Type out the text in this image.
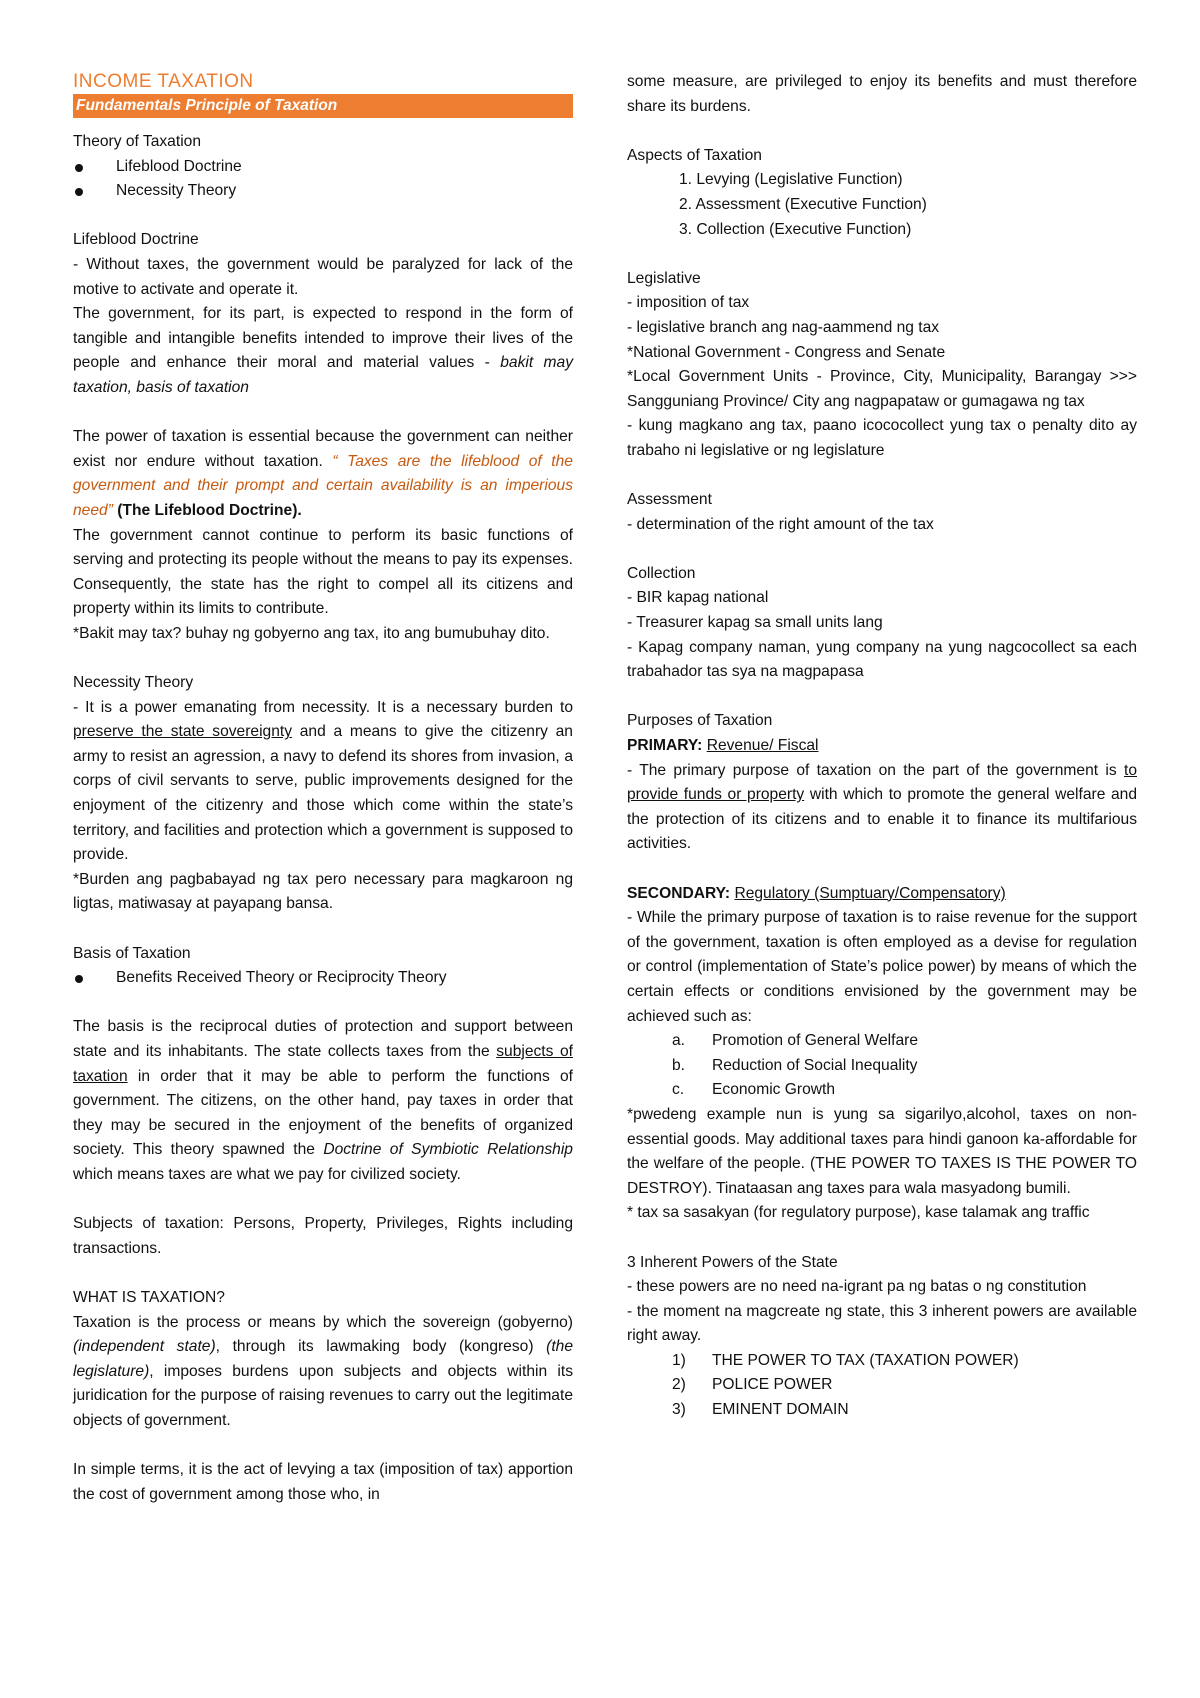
INCOME TAXATION
Fundamentals Principle of Taxation

Theory of Taxation

Lifeblood Doctrine

Necessity Theory

Lifeblood Doctrine

- Without taxes, the government would be paralyzed for lack of the motive to activate and operate it.

The government, for its part, is expected to respond in the form of tangible and intangible benefits intended to improve their lives of the people and enhance their moral and material values - bakit may taxation, basis of taxation

The power of taxation is essential because the government can neither exist nor endure without taxation. “ Taxes are the lifeblood of the government and their prompt and certain availability is an imperious need” (The Lifeblood Doctrine).

The government cannot continue to perform its basic functions of serving and protecting its people without the means to pay its expenses. Consequently, the state has the right to compel all its citizens and property within its limits to contribute.

*Bakit may tax? buhay ng gobyerno ang tax, ito ang bumubuhay dito.

Necessity Theory

- It is a power emanating from necessity. It is a necessary burden to preserve the state sovereignty and a means to give the citizenry an army to resist an agression, a navy to defend its shores from invasion, a corps of civil servants to serve, public improvements designed for the enjoyment of the citizenry and those which come within the state’s territory, and facilities and protection which a government is supposed to provide.

*Burden ang pagbabayad ng tax pero necessary para magkaroon ng ligtas, matiwasay at payapang bansa.

Basis of Taxation

Benefits Received Theory or Reciprocity Theory

The basis is the reciprocal duties of protection and support between state and its inhabitants. The state collects taxes from the subjects of taxation in order that it may be able to perform the functions of government. The citizens, on the other hand, pay taxes in order that they may be secured in the enjoyment of the benefits of organized society. This theory spawned the Doctrine of Symbiotic Relationship which means taxes are what we pay for civilized society.

Subjects of taxation: Persons, Property, Privileges, Rights including transactions.

WHAT IS TAXATION?

Taxation is the process or means by which the sovereign (gobyerno) (independent state), through its lawmaking body (kongreso) (the legislature), imposes burdens upon subjects and objects within its juridication for the purpose of raising revenues to carry out the legitimate objects of government.

In simple terms, it is the act of levying a tax (imposition of tax) apportion the cost of government among those who, in

some measure, are privileged to enjoy its benefits and must therefore share its burdens.

Aspects of Taxation

1. Levying (Legislative Function)

2. Assessment (Executive Function)

3. Collection (Executive Function)

Legislative

- imposition of tax

- legislative branch ang nag-aammend ng tax

*National Government - Congress and Senate

*Local Government Units - Province, City, Municipality, Barangay >>> Sangguniang Province/ City ang nagpapataw or gumagawa ng tax

- kung magkano ang tax, paano icococollect yung tax o penalty dito ay trabaho ni legislative or ng legislature

Assessment

- determination of the right amount of the tax

Collection

- BIR kapag national

- Treasurer kapag sa small units lang

- Kapag company naman, yung company na yung nagcocollect sa each trabahador tas sya na magpapasa

Purposes of Taxation

PRIMARY: Revenue/ Fiscal

- The primary purpose of taxation on the part of the government is to provide funds or property with which to promote the general welfare and the protection of its citizens and to enable it to finance its multifarious activities.

SECONDARY: Regulatory (Sumptuary/Compensatory)

- While the primary purpose of taxation is to raise revenue for the support of the government, taxation is often employed as a devise for regulation or control (implementation of State’s police power) by means of which the certain effects or conditions envisioned by the government may be achieved such as:

a. Promotion of General Welfare

b. Reduction of Social Inequality

c. Economic Growth

*pwedeng example nun is yung sa sigarilyo,alcohol, taxes on non-essential goods. May additional taxes para hindi ganoon ka-affordable for the welfare of the people. (THE POWER TO TAXES IS THE POWER TO DESTROY). Tinataasan ang taxes para wala masyadong bumili.

* tax sa sasakyan (for regulatory purpose), kase talamak ang traffic

3 Inherent Powers of the State

- these powers are no need na-igrant pa ng batas o ng constitution

- the moment na magcreate ng state, this 3 inherent powers are available right away.

1) THE POWER TO TAX (TAXATION POWER)

2) POLICE POWER

3) EMINENT DOMAIN
